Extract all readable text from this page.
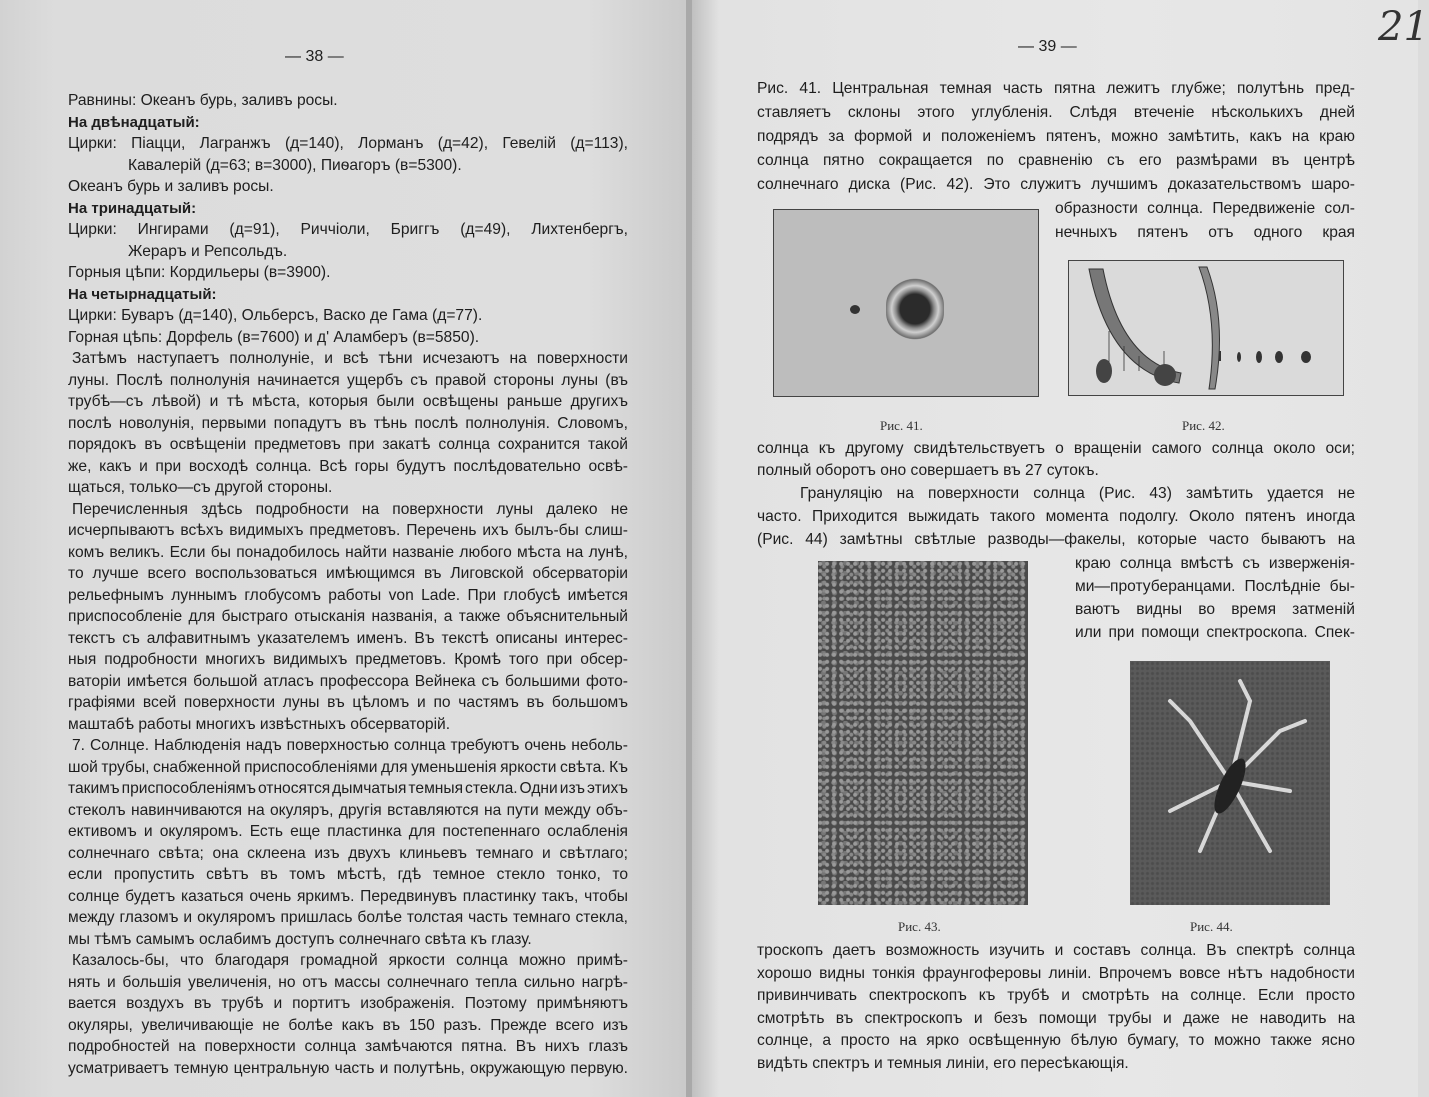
— 38 —
— 39 —	21
Равнины: Океанъ бурь, заливъ росы.
На двѣнадцатый:
Цирки: Піацци, Лагранжъ (д=140), Лорманъ (д=42), Гевелій (д=113),
Кавалерій (д=63; в=3000), Пиѳагоръ (в=5300).
Океанъ бурь и заливъ росы.
На тринадцатый:
Цирки: Ингирами (д=91), Риччіоли, Бриггъ (д=49), Лихтенбергъ,
Жераръ и Репсольдъ.
Горныя цѣпи: Кордильеры (в=3900).
На четырнадцатый:
Цирки: Буваръ (д=140), Ольберсъ, Васко де Гама (д=77).
Горная цѣпь: Дорфель (в=7600) и д' Аламберъ (в=5850).
Затѣмъ наступаетъ полнолуніе, и всѣ тѣни исчезаютъ на поверхности
луны. Послѣ полнолунія начинается ущербъ съ правой стороны луны (въ
трубѣ—съ лѣвой) и тѣ мѣста, которыя были освѣщены раньше другихъ
послѣ новолунія, первыми попадутъ въ тѣнь послѣ полнолунія. Словомъ,
порядокъ въ освѣщеніи предметовъ при закатѣ солнца сохранится такой
же, какъ и при восходѣ солнца. Всѣ горы будутъ послѣдовательно освѣ-
щаться, только—съ другой стороны.
Перечисленныя здѣсь подробности на поверхности луны далеко не
исчерпываютъ всѣхъ видимыхъ предметовъ. Перечень ихъ былъ-бы слиш-
комъ великъ. Если бы понадобилось найти названіе любого мѣста на лунѣ,
то лучше всего воспользоваться имѣющимся въ Лиговской обсерваторіи
рельефнымъ луннымъ глобусомъ работы von Lade. При глобусѣ имѣется
приспособленіе для быстраго отысканія названія, а также объяснительный
текстъ съ алфавитнымъ указателемъ именъ. Въ текстѣ описаны интерес-
ныя подробности многихъ видимыхъ предметовъ. Кромѣ того при обсер-
ваторіи имѣется большой атласъ профессора Вейнека съ большими фото-
графіями всей поверхности луны въ цѣломъ и по частямъ въ большомъ
маштабѣ работы многихъ извѣстныхъ обсерваторій.
7. Солнце. Наблюденія надъ поверхностью солнца требуютъ очень неболь-
шой трубы, снабженной приспособленіями для уменьшенія яркости свѣта. Къ
такимъ приспособленіямъ относятся дымчатыя темныя стекла. Одни изъ этихъ
стеколъ навинчиваются на окуляръ, другія вставляются на пути между объ-
ективомъ и окуляромъ. Есть еще пластинка для постепеннаго ослабленія
солнечнаго свѣта; она склеена изъ двухъ клиньевъ темнаго и свѣтлаго;
если пропустить свѣтъ въ томъ мѣстѣ, гдѣ темное стекло тонко, то
солнце будетъ казаться очень яркимъ. Передвинувъ пластинку такъ, чтобы
между глазомъ и окуляромъ пришлась болѣе толстая часть темнаго стекла,
мы тѣмъ самымъ ослабимъ доступъ солнечнаго свѣта къ глазу.
Казалось-бы, что благодаря громадной яркости солнца можно примѣ-
нять и большія увеличенія, но отъ массы солнечнаго тепла сильно нагрѣ-
вается воздухъ въ трубѣ и портитъ изображенія. Поэтому примѣняютъ
окуляры, увеличивающіе не болѣе какъ въ 150 разъ. Прежде всего изъ
подробностей на поверхности солнца замѣчаются пятна. Въ нихъ глазъ
усматриваетъ темную центральную часть и полутѣнь, окружающую первую.
Рис. 41. Центральная темная часть пятна лежитъ глубже; полутѣнь пред-
ставляетъ склоны этого углубленія. Слѣдя втеченіе нѣсколькихъ дней
подрядъ за формой и положеніемъ пятенъ, можно замѣтить, какъ на краю
солнца пятно сокращается по сравненію съ его размѣрами въ центрѣ
солнечнаго диска (Рис. 42). Это служитъ лучшимъ доказательствомъ шаро-
образности солнца. Передвиженіе сол-
нечныхъ пятенъ отъ одного края
солнца къ другому свидѣтельствуетъ о вращеніи самого солнца около оси;
полный оборотъ оно совершаетъ въ 27 сутокъ.
Грануляцію на поверхности солнца (Рис. 43) замѣтить удается не
часто. Приходится выжидать такого момента подолгу. Около пятенъ иногда
(Рис. 44) замѣтны свѣтлые разводы—факелы, которые часто бываютъ на
краю солнца вмѣстѣ съ изверженія-
ми—протуберанцами. Послѣдніе бы-
ваютъ видны во время затменій
или при помощи спектроскопа. Спек-
троскопъ даетъ возможность изучить и составъ солнца. Въ спектрѣ солнца
хорошо видны тонкія фраунгоферовы линіи. Впрочемъ вовсе нѣтъ надобности
привинчивать спектроскопъ къ трубѣ и смотрѣть на солнце. Если просто
смотрѣть въ спектроскопъ и безъ помощи трубы и даже не наводить на
солнце, а просто на ярко освѣщенную бѣлую бумагу, то можно также ясно
видѣть спектръ и темныя линіи, его пересѣкающія.
Рис. 41.	Рис. 42.
Рис. 43.	Рис. 44.
